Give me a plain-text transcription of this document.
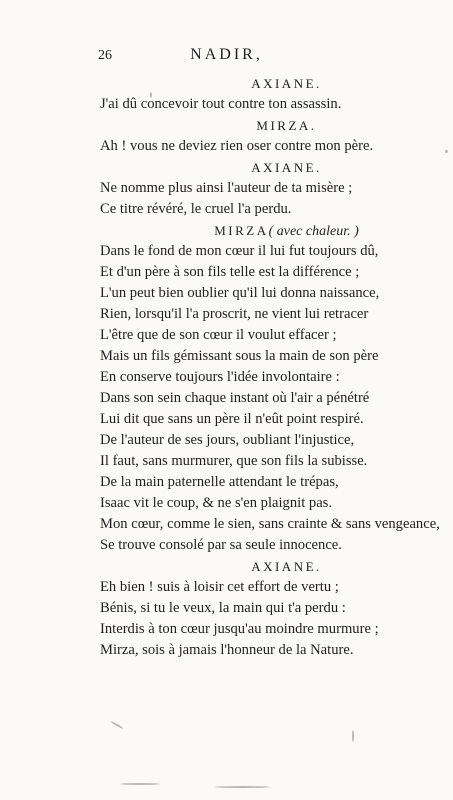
26	NADIR,
AXIANE.
J'ai dû concevoir tout contre ton assassin.
MIRZA.
Ah ! vous ne deviez rien oser contre mon père.
AXIANE.
Ne nomme plus ainsi l'auteur de ta misère ;
Ce titre révéré, le cruel l'a perdu.
MIRZA( avec chaleur. )
Dans le fond de mon cœur il lui fut toujours dû,
Et d'un père à son fils telle est la différence ;
L'un peut bien oublier qu'il lui donna naissance,
Rien, lorsqu'il l'a proscrit, ne vient lui retracer
L'être que de son cœur il voulut effacer ;
Mais un fils gémissant sous la main de son père
En conserve toujours l'idée involontaire :
Dans son sein chaque instant où l'air a pénétré
Lui dit que sans un père il n'eût point respiré.
De l'auteur de ses jours, oubliant l'injustice,
Il faut, sans murmurer, que son fils la subisse.
De la main paternelle attendant le trépas,
Isaac vit le coup, & ne s'en plaignit pas.
Mon cœur, comme le sien, sans crainte & sans vengeance,
Se trouve consolé par sa seule innocence.
AXIANE.
Eh bien ! suis à loisir cet effort de vertu ;
Bénis, si tu le veux, la main qui t'a perdu :
Interdis à ton cœur jusqu'au moindre murmure ;
Mirza, sois à jamais l'honneur de la Nature.
